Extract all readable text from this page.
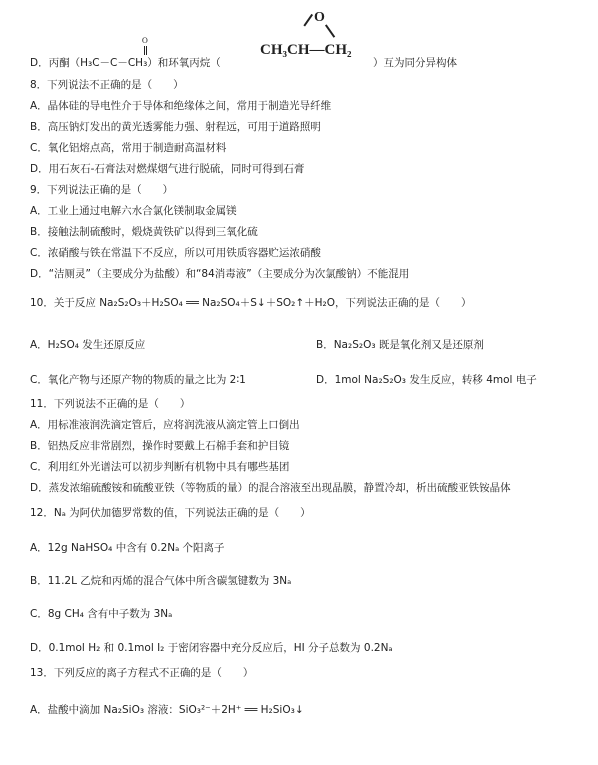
O
D．丙酮（H₃C－C－CH₃）和环氧丙烷（	）互为同分异构体
O
CH₃CH—CH₂
8．下列说法不正确的是（　　）
A．晶体硅的导电性介于导体和绝缘体之间，常用于制造光导纤维
B．高压钠灯发出的黄光透雾能力强、射程远，可用于道路照明
C．氧化铝熔点高，常用于制造耐高温材料
D．用石灰石-石膏法对燃煤烟气进行脱硫，同时可得到石膏
9．下列说法正确的是（　　）
A．工业上通过电解六水合氯化镁制取金属镁
B．接触法制硫酸时，煅烧黄铁矿以得到三氧化硫
C．浓硝酸与铁在常温下不反应，所以可用铁质容器贮运浓硝酸
D．“洁厕灵”（主要成分为盐酸）和“84消毒液”（主要成分为次氯酸钠）不能混用
10．关于反应 Na₂S₂O₃＋H₂SO₄ ══ Na₂SO₄＋S↓＋SO₂↑＋H₂O，下列说法正确的是（　　）
A．H₂SO₄ 发生还原反应	B．Na₂S₂O₃ 既是氧化剂又是还原剂
C．氧化产物与还原产物的物质的量之比为 2∶1	D．1mol Na₂S₂O₃ 发生反应，转移 4mol 电子
11．下列说法不正确的是（　　）
A．用标准液润洗滴定管后，应将润洗液从滴定管上口倒出
B．铝热反应非常剧烈，操作时要戴上石棉手套和护目镜
C．利用红外光谱法可以初步判断有机物中具有哪些基团
D．蒸发浓缩硫酸铵和硫酸亚铁（等物质的量）的混合溶液至出现晶膜，静置冷却，析出硫酸亚铁铵晶体
12．Nₐ 为阿伏加德罗常数的值，下列说法正确的是（　　）
A．12g NaHSO₄ 中含有 0.2Nₐ 个阳离子
B．11.2L 乙烷和丙烯的混合气体中所含碳氢键数为 3Nₐ
C．8g CH₄ 含有中子数为 3Nₐ
D．0.1mol H₂ 和 0.1mol I₂ 于密闭容器中充分反应后，HI 分子总数为 0.2Nₐ
13．下列反应的离子方程式不正确的是（　　）
A．盐酸中滴加 Na₂SiO₃ 溶液：SiO₃²⁻＋2H⁺ ══ H₂SiO₃↓
